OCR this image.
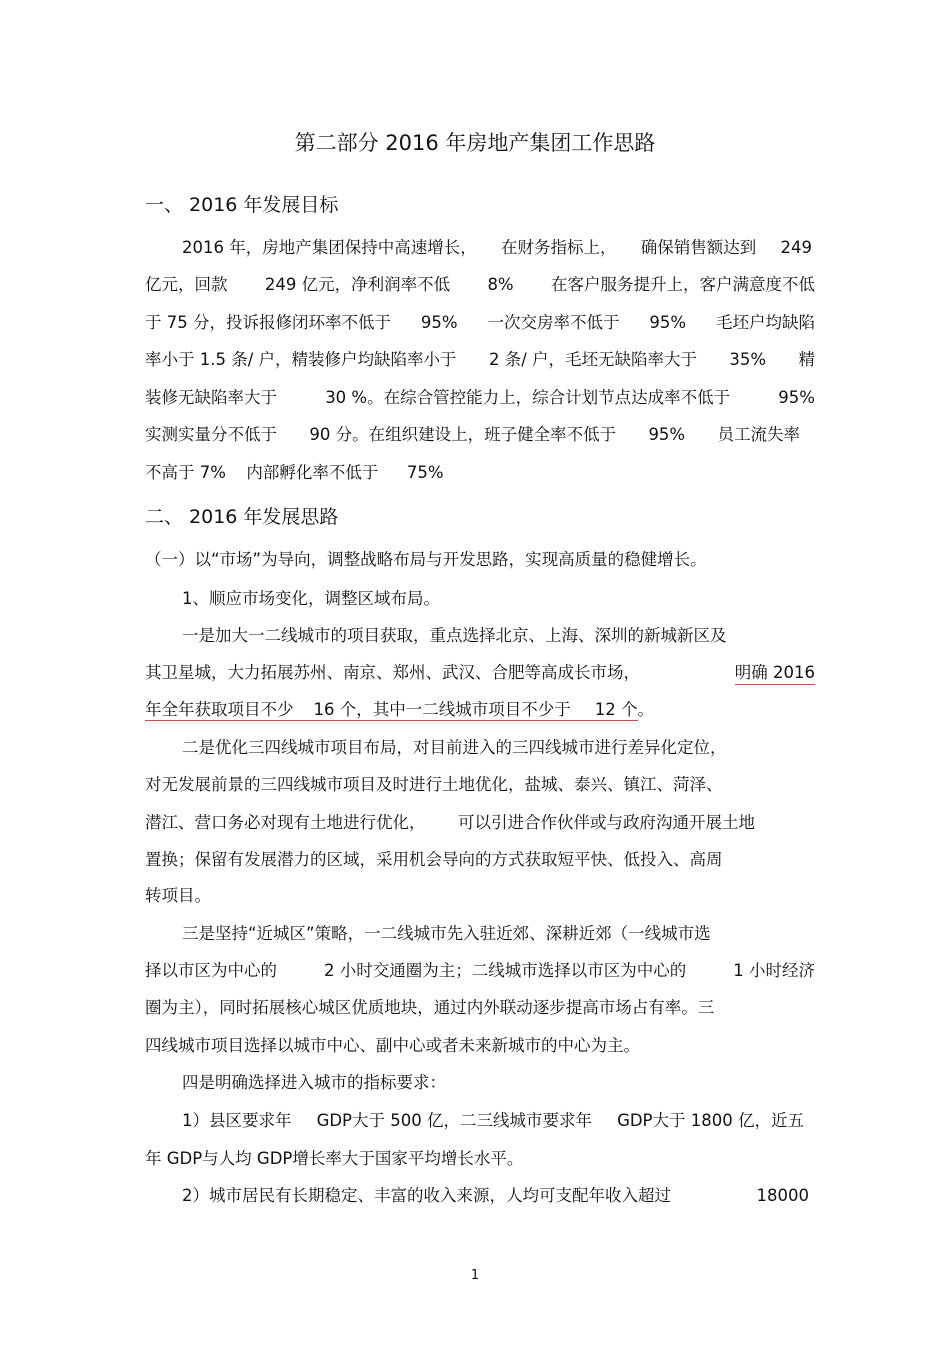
第二部分 2016 年房地产集团工作思路
一、 2016 年发展目标
2016 年，房地产集团保持中高速增长， 在财务指标上， 确保销售额达到 249
亿元，回款 249 亿元，净利润率不低 8% 在客户服务提升上，客户满意度不低
于 75 分，投诉报修闭环率不低于 95% 一次交房率不低于 95% 毛坯户均缺陷
率小于 1.5 条/ 户，精装修户均缺陷率小于 2 条/ 户，毛坯无缺陷率大于 35% 精
装修无缺陷率大于	30 %。在综合管控能力上，综合计划节点达成率不低于	95%
实测实量分不低于 90 分。在组织建设上，班子健全率不低于 95% 员工流失率
不高于 7% 内部孵化率不低于 75%
二、 2016 年发展思路
（一）以“市场”为导向，调整战略布局与开发思路，实现高质量的稳健增长。
1、顺应市场变化，调整区域布局。
一是加大一二线城市的项目获取，重点选择北京、上海、深圳的新城新区及
其卫星城，大力拓展苏州、南京、郑州、武汉、合肥等高成长市场，	明确 2016
年全年获取项目不少 16 个，其中一二线城市项目不少于 12 个。
二是优化三四线城市项目布局，对目前进入的三四线城市进行差异化定位，
对无发展前景的三四线城市项目及时进行土地优化，盐城、泰兴、镇江、菏泽、
潜江、营口务必对现有土地进行优化， 可以引进合作伙伴或与政府沟通开展土地
置换；保留有发展潜力的区域，采用机会导向的方式获取短平快、低投入、高周
转项目。
三是坚持“近城区”策略，一二线城市先入驻近郊、深耕近郊（一线城市选
择以市区为中心的	2 小时交通圈为主；二线城市选择以市区为中心的	1 小时经济
圈为主），同时拓展核心城区优质地块，通过内外联动逐步提高市场占有率。三
四线城市项目选择以城市中心、副中心或者未来新城市的中心为主。
四是明确选择进入城市的指标要求：
1）县区要求年 GDP大于 500 亿，二三线城市要求年 GDP大于 1800 亿，近五
年 GDP与人均 GDP增长率大于国家平均增长水平。
2）城市居民有长期稳定、丰富的收入来源，人均可支配年收入超过	18000
1
